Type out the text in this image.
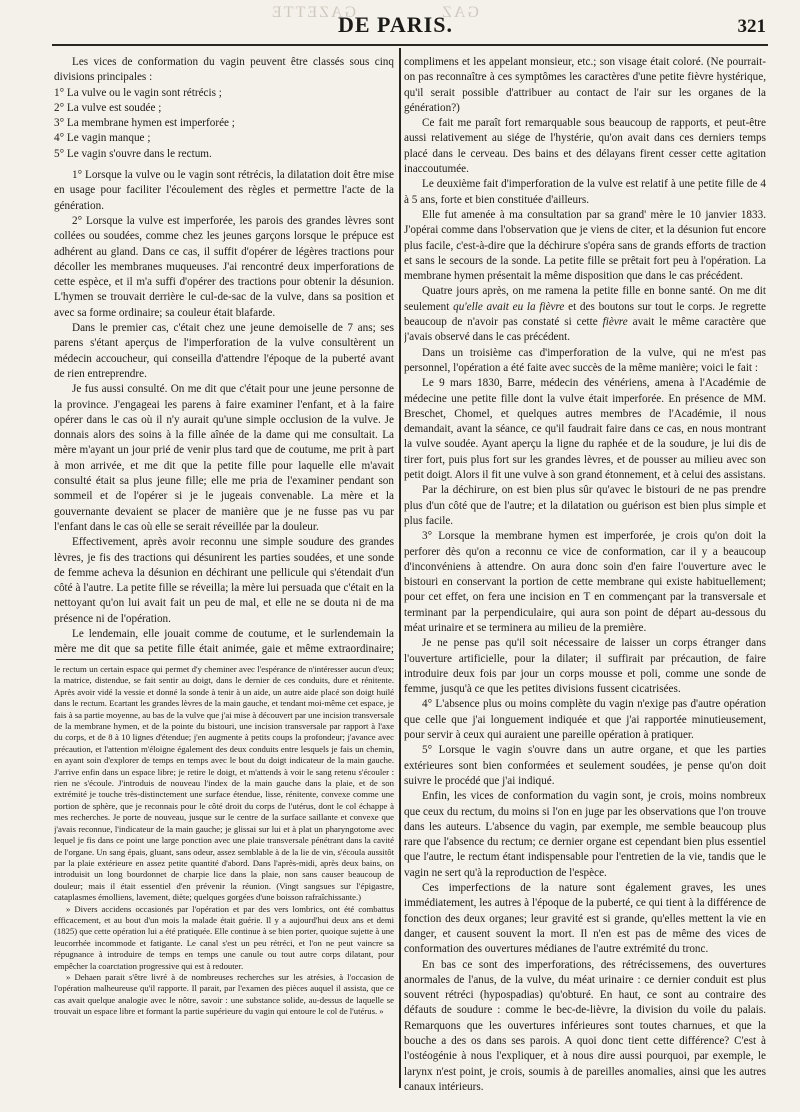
GAZETTE	GAZ
DE PARIS.	321

Les vices de conformation du vagin peuvent être classés sous cinq divisions principales :

1° La vulve ou le vagin sont rétrécis ;

2° La vulve est soudée ;

3° La membrane hymen est imperforée ;

4° Le vagin manque ;

5° Le vagin s'ouvre dans le rectum.

1° Lorsque la vulve ou le vagin sont rétrécis, la dilatation doit être mise en usage pour faciliter l'écoulement des règles et permettre l'acte de la génération.

2° Lorsque la vulve est imperforée, les parois des grandes lèvres sont collées ou soudées, comme chez les jeunes garçons lorsque le prépuce est adhérent au gland. Dans ce cas, il suffit d'opérer de légères tractions pour décoller les membranes muqueuses. J'ai rencontré deux imperforations de cette espèce, et il m'a suffi d'opérer des tractions pour obtenir la désunion. L'hymen se trouvait derrière le cul-de-sac de la vulve, dans sa position et avec sa forme ordinaire; sa couleur était blafarde.

Dans le premier cas, c'était chez une jeune demoiselle de 7 ans; ses parens s'étant aperçus de l'imperforation de la vulve consultèrent un médecin accoucheur, qui conseilla d'attendre l'époque de la puberté avant de rien entreprendre.

Je fus aussi consulté. On me dit que c'était pour une jeune personne de la province. J'engageai les parens à faire examiner l'enfant, et à la faire opérer dans le cas où il n'y aurait qu'une simple occlusion de la vulve. Je donnais alors des soins à la fille aînée de la dame qui me consultait. La mère m'ayant un jour prié de venir plus tard que de coutume, me prit à part à mon arrivée, et me dit que la petite fille pour laquelle elle m'avait consulté était sa plus jeune fille; elle me pria de l'examiner pendant son sommeil et de l'opérer si je le jugeais convenable. La mère et la gouvernante devaient se placer de manière que je ne fusse pas vu par l'enfant dans le cas où elle se serait réveillée par la douleur.

Effectivement, après avoir reconnu une simple soudure des grandes lèvres, je fis des tractions qui désunirent les parties soudées, et une sonde de femme acheva la désunion en déchirant une pellicule qui s'étendait d'un côté à l'autre. La petite fille se réveilla; la mère lui persuada que c'était en la nettoyant qu'on lui avait fait un peu de mal, et elle ne se douta ni de ma présence ni de l'opération.

Le lendemain, elle jouait comme de coutume, et le surlendemain la mère me dit que sa petite fille était animée, gaie et même extraordinaire;

le rectum un certain espace qui permet d'y cheminer avec l'espérance de n'intéresser aucun d'eux; la matrice, distendue, se fait sentir au doigt, dans le dernier de ces conduits, dure et rénitente. Après avoir vidé la vessie et donné la sonde à tenir à un aide, un autre aide placé son doigt huilé dans le rectum. Ecartant les grandes lèvres de la main gauche, et tendant moi-même cet espace, je fais à sa partie moyenne, au bas de la vulve que j'ai mise à découvert par une incision transversale de la membrane hymen, et de la pointe du bistouri, une incision transversale par rapport à l'axe du corps, et de 8 à 10 lignes d'étendue; j'en augmente à petits coups la profondeur; j'avance avec précaution, et l'attention m'éloigne également des deux conduits entre lesquels je fais un chemin, en ayant soin d'explorer de temps en temps avec le bout du doigt indicateur de la main gauche. J'arrive enfin dans un espace libre; je retire le doigt, et m'attends à voir le sang retenu s'écouler : rien ne s'écoule. J'introduis de nouveau l'index de la main gauche dans la plaie, et de son extrémité je touche très-distinctement une surface étendue, lisse, rénitente, convexe comme une portion de sphère, que je reconnais pour le côté droit du corps de l'utérus, dont le col échappe à mes recherches. Je porte de nouveau, jusque sur le centre de la surface saillante et convexe que j'avais reconnue, l'indicateur de la main gauche; je glissai sur lui et à plat un pharyngotome avec lequel je fis dans ce point une large ponction avec une plaie transversale pénétrant dans la cavité de l'organe. Un sang épais, gluant, sans odeur, assez semblable à de la lie de vin, s'écoula aussitôt par la plaie extérieure en assez petite quantité d'abord. Dans l'après-midi, après deux bains, on introduisit un long bourdonnet de charpie lice dans la plaie, non sans causer beaucoup de douleur; mais il était essentiel d'en prévenir la réunion. (Vingt sangsues sur l'épigastre, cataplasmes émolliens, lavement, diète; quelques gorgées d'une boisson rafraîchissante.)

» Divers accidens occasionés par l'opération et par des vers lombrics, ont été combattus efficacement, et au bout d'un mois la malade était guérie. Il y a aujourd'hui deux ans et demi (1825) que cette opération lui a été pratiquée. Elle continue à se bien porter, quoique sujette à une leucorrhée incommode et fatigante. Le canal s'est un peu rétréci, et l'on ne peut vaincre sa répugnance à introduire de temps en temps une canule ou tout autre corps dilatant, pour empêcher la coarctation progressive qui est à redouter.

» Dehaen parait s'être livré à de nombreuses recherches sur les atrésies, à l'occasion de l'opération malheureuse qu'il rapporte. Il parait, par l'examen des pièces auquel il assista, que ce cas avait quelque analogie avec le nôtre, savoir : une substance solide, au-dessus de laquelle se trouvait un espace libre et formant la partie supérieure du vagin qui entoure le col de l'utérus. »

complimens et les appelant monsieur, etc.; son visage était coloré. (Ne pourrait-on pas reconnaître à ces symptômes les caractères d'une petite fièvre hystérique, qu'il serait possible d'attribuer au contact de l'air sur les organes de la génération?)

Ce fait me paraît fort remarquable sous beaucoup de rapports, et peut-être aussi relativement au siége de l'hystérie, qu'on avait dans ces derniers temps placé dans le cerveau. Des bains et des délayans firent cesser cette agitation inaccoutumée.

Le deuxième fait d'imperforation de la vulve est relatif à une petite fille de 4 à 5 ans, forte et bien constituée d'ailleurs.

Elle fut amenée à ma consultation par sa grand' mère le 10 janvier 1833. J'opérai comme dans l'observation que je viens de citer, et la désunion fut encore plus facile, c'est-à-dire que la déchirure s'opéra sans de grands efforts de traction et sans le secours de la sonde. La petite fille se prêtait fort peu à l'opération. La membrane hymen présentait la même disposition que dans le cas précédent.

Quatre jours après, on me ramena la petite fille en bonne santé. On me dit seulement qu'elle avait eu la fièvre et des boutons sur tout le corps. Je regrette beaucoup de n'avoir pas constaté si cette fièvre avait le même caractère que j'avais observé dans le cas précédent.

Dans un troisième cas d'imperforation de la vulve, qui ne m'est pas personnel, l'opération a été faite avec succès de la même manière; voici le fait :

Le 9 mars 1830, Barre, médecin des vénériens, amena à l'Académie de médecine une petite fille dont la vulve était imperforée. En présence de MM. Breschet, Chomel, et quelques autres membres de l'Académie, il nous demandait, avant la séance, ce qu'il faudrait faire dans ce cas, en nous montrant la vulve soudée. Ayant aperçu la ligne du raphée et de la soudure, je lui dis de tirer fort, puis plus fort sur les grandes lèvres, et de pousser au milieu avec son petit doigt. Alors il fit une vulve à son grand étonnement, et à celui des assistans.

Par la déchirure, on est bien plus sûr qu'avec le bistouri de ne pas prendre plus d'un côté que de l'autre; et la dilatation ou guérison est bien plus simple et plus facile.

3° Lorsque la membrane hymen est imperforée, je crois qu'on doit la perforer dès qu'on a reconnu ce vice de conformation, car il y a beaucoup d'inconvéniens à attendre. On aura donc soin d'en faire l'ouverture avec le bistouri en conservant la portion de cette membrane qui existe habituellement; pour cet effet, on fera une incision en T en commençant par la transversale et terminant par la perpendiculaire, qui aura son point de départ au-dessous du méat urinaire et se terminera au milieu de la première.

Je ne pense pas qu'il soit nécessaire de laisser un corps étranger dans l'ouverture artificielle, pour la dilater; il suffirait par précaution, de faire introduire deux fois par jour un corps mousse et poli, comme une sonde de femme, jusqu'à ce que les petites divisions fussent cicatrisées.

4° L'absence plus ou moins complète du vagin n'exige pas d'autre opération que celle que j'ai longuement indiquée et que j'ai rapportée minutieusement, pour servir à ceux qui auraient une pareille opération à pratiquer.

5° Lorsque le vagin s'ouvre dans un autre organe, et que les parties extérieures sont bien conformées et seulement soudées, je pense qu'on doit suivre le procédé que j'ai indiqué.

Enfin, les vices de conformation du vagin sont, je crois, moins nombreux que ceux du rectum, du moins si l'on en juge par les observations que l'on trouve dans les auteurs. L'absence du vagin, par exemple, me semble beaucoup plus rare que l'absence du rectum; ce dernier organe est cependant bien plus essentiel que l'autre, le rectum étant indispensable pour l'entretien de la vie, tandis que le vagin ne sert qu'à la reproduction de l'espèce.

Ces imperfections de la nature sont également graves, les unes immédiatement, les autres à l'époque de la puberté, ce qui tient à la différence de fonction des deux organes; leur gravité est si grande, qu'elles mettent la vie en danger, et causent souvent la mort. Il n'en est pas de même des vices de conformation des ouvertures médianes de l'autre extrémité du tronc.

En bas ce sont des imperforations, des rétrécissemens, des ouvertures anormales de l'anus, de la vulve, du méat urinaire : ce dernier conduit est plus souvent rétréci (hypospadias) qu'obturé. En haut, ce sont au contraire des défauts de soudure : comme le bec-de-lièvre, la division du voile du palais. Remarquons que les ouvertures inférieures sont toutes charnues, et que la bouche a des os dans ses parois. A quoi donc tient cette différence? C'est à l'ostéogénie à nous l'expliquer, et à nous dire aussi pourquoi, par exemple, le larynx n'est point, je crois, soumis à de pareilles anomalies, ainsi que les autres canaux intérieurs.
